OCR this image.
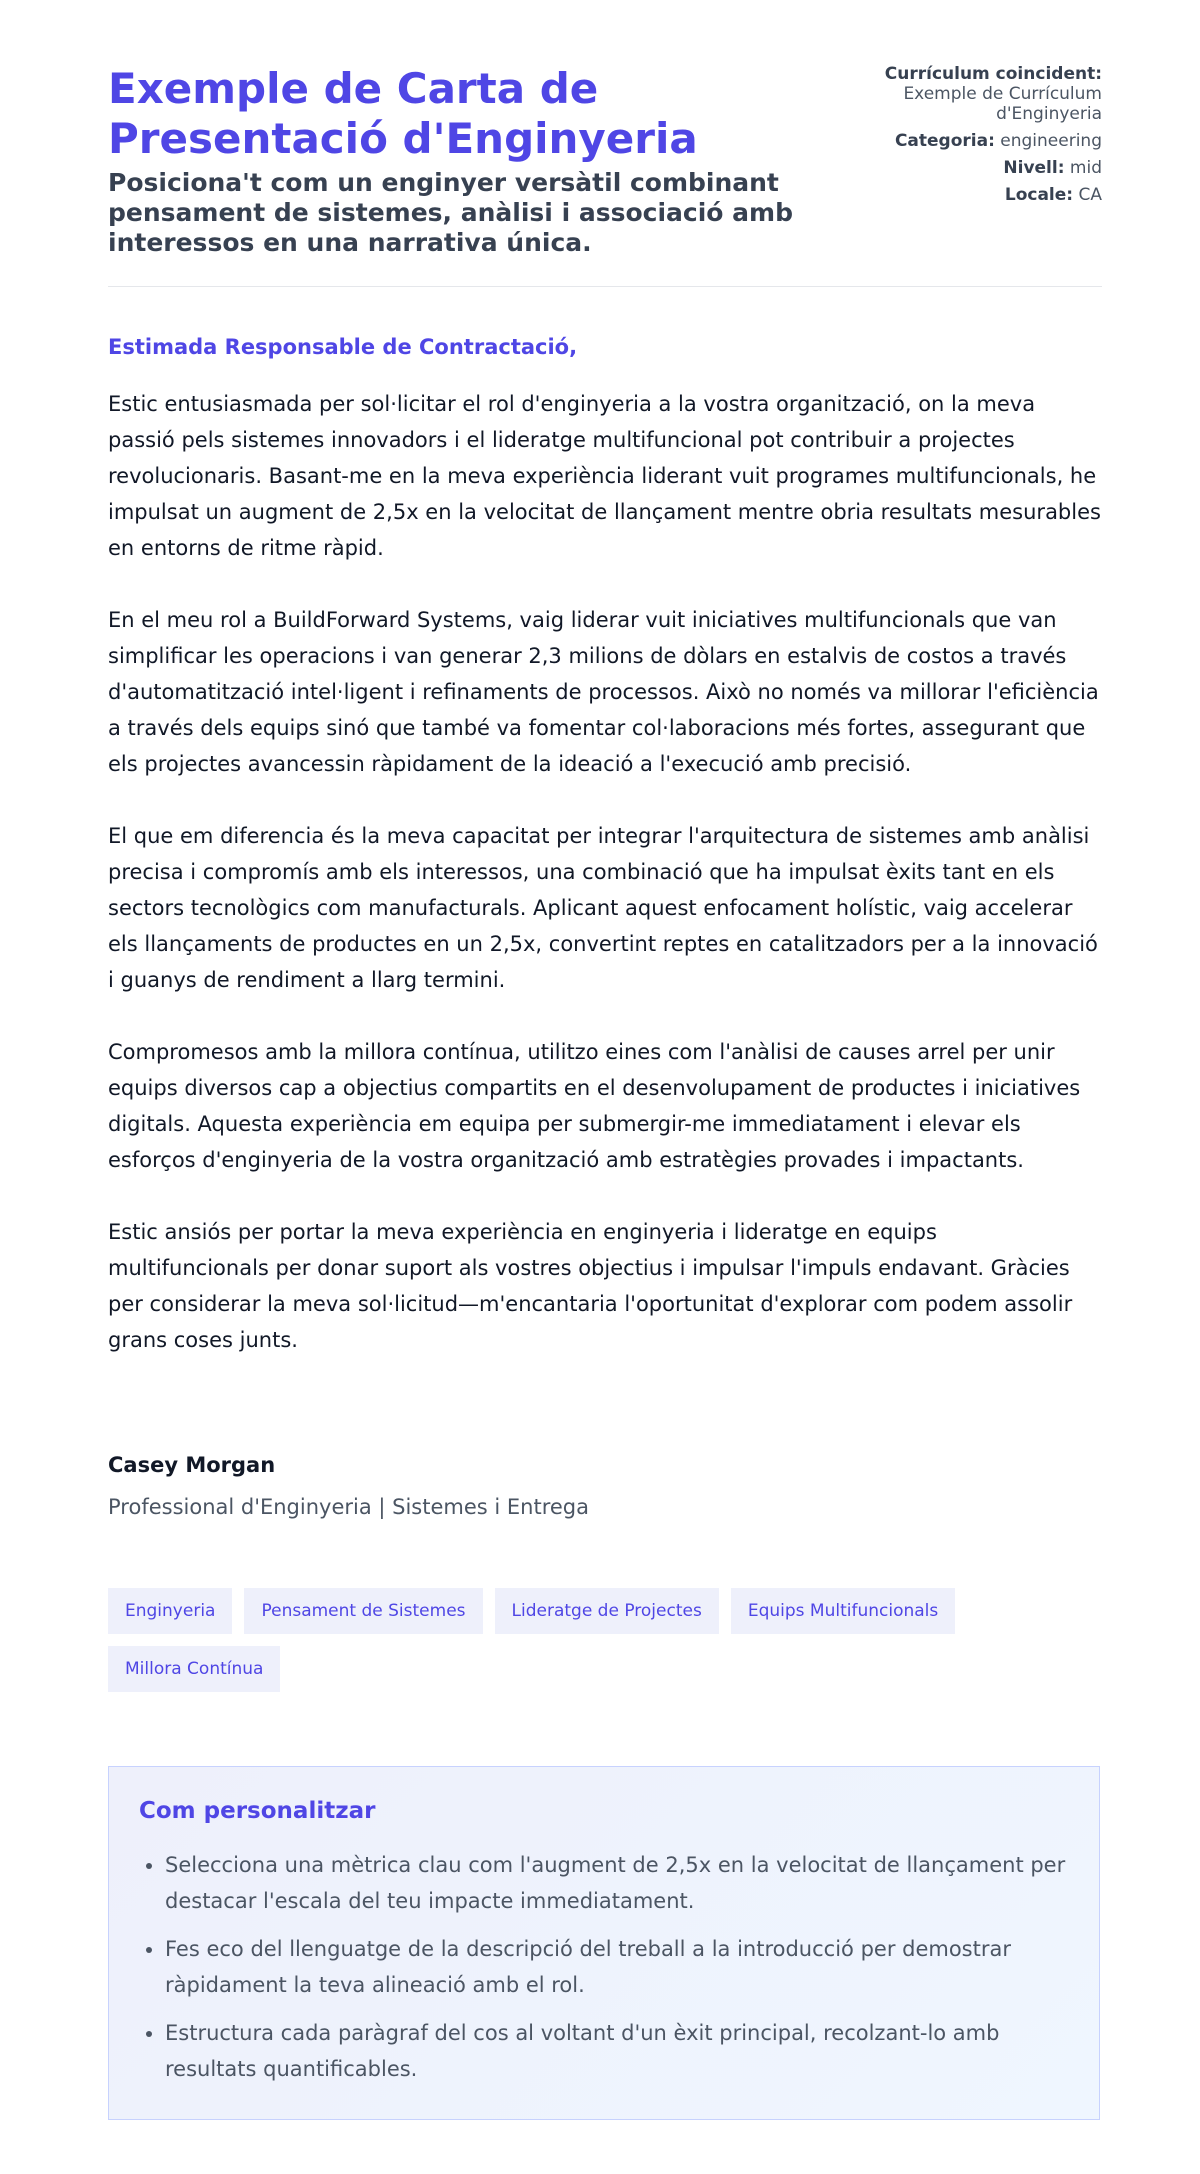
Exemple de Carta de Presentació d'Enginyeria
Posiciona't com un enginyer versàtil combinant pensament de sistemes, anàlisi i associació amb interessos en una narrativa única.
Currículum coincident: Exemple de Currículum d'Enginyeria
Categoria: engineering
Nivell: mid
Locale: CA

Estimada Responsable de Contractació,

Estic entusiasmada per sol·licitar el rol d'enginyeria a la vostra organització, on la meva passió pels sistemes innovadors i el lideratge multifuncional pot contribuir a projectes revolucionaris. Basant-me en la meva experiència liderant vuit programes multifuncionals, he impulsat un augment de 2,5x en la velocitat de llançament mentre obria resultats mesurables en entorns de ritme ràpid.

En el meu rol a BuildForward Systems, vaig liderar vuit iniciatives multifuncionals que van simplificar les operacions i van generar 2,3 milions de dòlars en estalvis de costos a través d'automatització intel·ligent i refinaments de processos. Això no només va millorar l'eficiència a través dels equips sinó que també va fomentar col·laboracions més fortes, assegurant que els projectes avancessin ràpidament de la ideació a l'execució amb precisió.

El que em diferencia és la meva capacitat per integrar l'arquitectura de sistemes amb anàlisi precisa i compromís amb els interessos, una combinació que ha impulsat èxits tant en els sectors tecnològics com manufacturals. Aplicant aquest enfocament holístic, vaig accelerar els llançaments de productes en un 2,5x, convertint reptes en catalitzadors per a la innovació i guanys de rendiment a llarg termini.

Compromesos amb la millora contínua, utilitzo eines com l'anàlisi de causes arrel per unir equips diversos cap a objectius compartits en el desenvolupament de productes i iniciatives digitals. Aquesta experiència em equipa per submergir-me immediatament i elevar els esforços d'enginyeria de la vostra organització amb estratègies provades i impactants.

Estic ansiós per portar la meva experiència en enginyeria i lideratge en equips multifuncionals per donar suport als vostres objectius i impulsar l'impuls endavant. Gràcies per considerar la meva sol·licitud—m'encantaria l'oportunitat d'explorar com podem assolir grans coses junts.

Casey Morgan

Professional d'Enginyeria | Sistemes i Entrega

Enginyeria	Pensament de Sistemes	Lideratge de Projectes	Equips Multifuncionals
Millora Contínua
Com personalitzar
• Selecciona una mètrica clau com l'augment de 2,5x en la velocitat de llançament per destacar l'escala del teu impacte immediatament.
• Fes eco del llenguatge de la descripció del treball a la introducció per demostrar ràpidament la teva alineació amb el rol.
• Estructura cada paràgraf del cos al voltant d'un èxit principal, recolzant-lo amb resultats quantificables.
